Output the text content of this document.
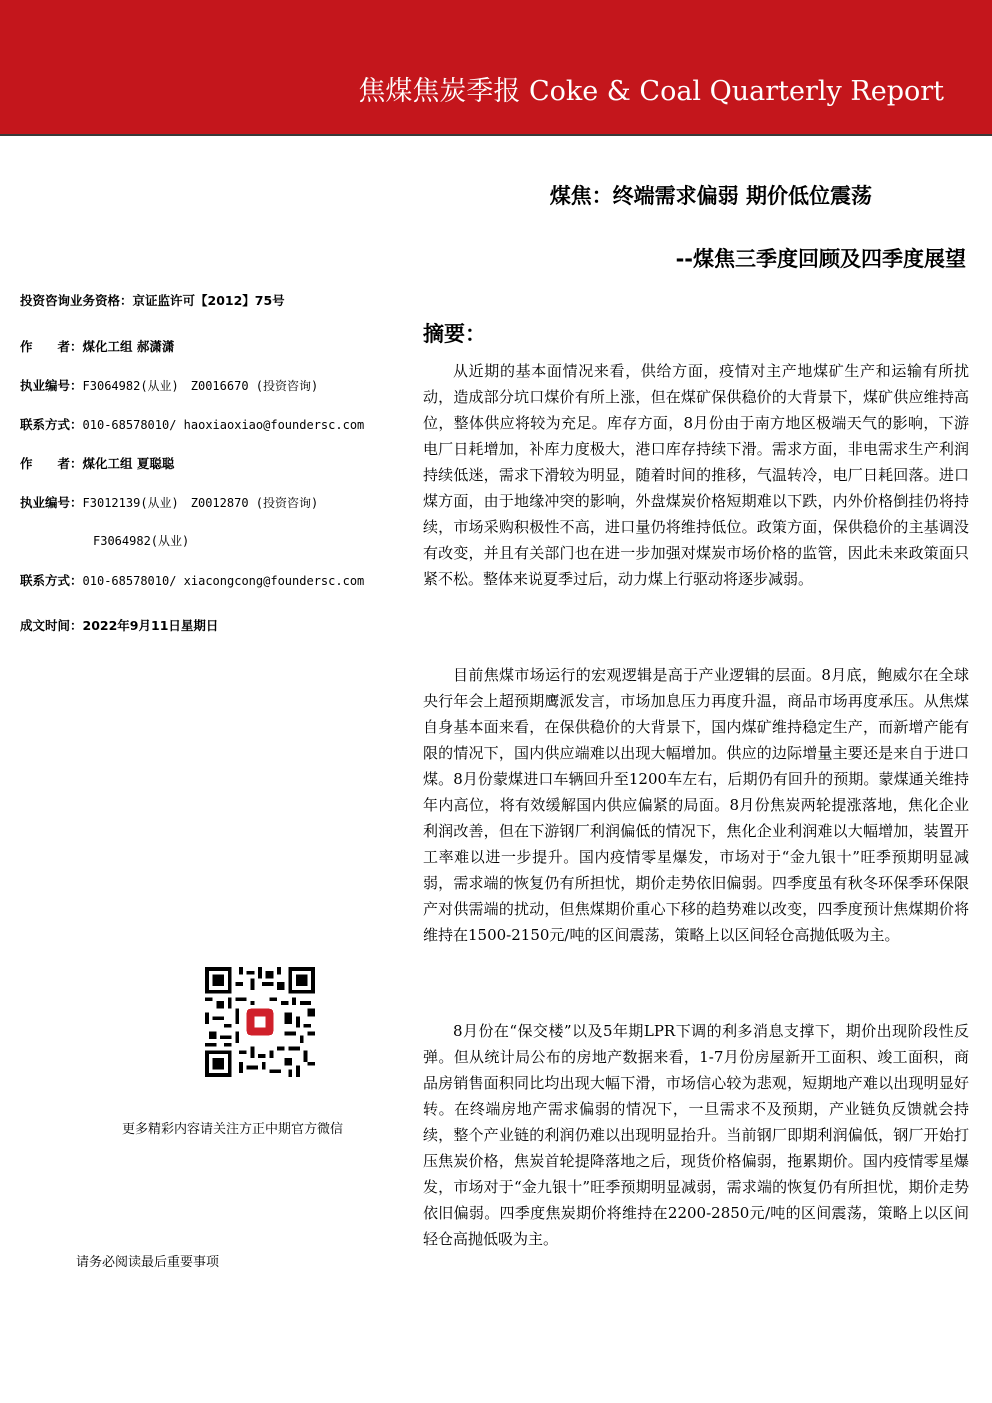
焦煤焦炭季报 Coke & Coal Quarterly Report
煤焦：终端需求偏弱 期价低位震荡
--煤焦三季度回顾及四季度展望
投资咨询业务资格：京证监许可【2012】75号
作　　者：煤化工组 郝潇潇
执业编号：F3064982(从业)　Z0016670 (投资咨询)
联系方式：010-68578010/ haoxiaoxiao@foundersc.com
作　　者：煤化工组 夏聪聪
执业编号：F3012139(从业)　Z0012870 (投资咨询)
F3064982(从业)
联系方式：010-68578010/ xiacongcong@foundersc.com
成文时间：2022年9月11日星期日
摘要：

从近期的基本面情况来看，供给方面，疫情对主产地煤矿生产和运输有所扰动，造成部分坑口煤价有所上涨，但在煤矿保供稳价的大背景下，煤矿供应维持高位，整体供应将较为充足。库存方面，8月份由于南方地区极端天气的影响，下游电厂日耗增加，补库力度极大，港口库存持续下滑。需求方面，非电需求生产利润持续低迷，需求下滑较为明显，随着时间的推移，气温转冷，电厂日耗回落。进口煤方面，由于地缘冲突的影响，外盘煤炭价格短期难以下跌，内外价格倒挂仍将持续，市场采购积极性不高，进口量仍将维持低位。政策方面，保供稳价的主基调没有改变，并且有关部门也在进一步加强对煤炭市场价格的监管，因此未来政策面只紧不松。整体来说夏季过后，动力煤上行驱动将逐步减弱。

目前焦煤市场运行的宏观逻辑是高于产业逻辑的层面。8月底，鲍威尔在全球央行年会上超预期鹰派发言，市场加息压力再度升温，商品市场再度承压。从焦煤自身基本面来看，在保供稳价的大背景下，国内煤矿维持稳定生产，而新增产能有限的情况下，国内供应端难以出现大幅增加。供应的边际增量主要还是来自于进口煤。8月份蒙煤进口车辆回升至1200车左右，后期仍有回升的预期。蒙煤通关维持年内高位，将有效缓解国内供应偏紧的局面。8月份焦炭两轮提涨落地，焦化企业利润改善，但在下游钢厂利润偏低的情况下，焦化企业利润难以大幅增加，装置开工率难以进一步提升。国内疫情零星爆发，市场对于“金九银十”旺季预期明显减弱，需求端的恢复仍有所担忧，期价走势依旧偏弱。四季度虽有秋冬环保季环保限产对供需端的扰动，但焦煤期价重心下移的趋势难以改变，四季度预计焦煤期价将维持在1500-2150元/吨的区间震荡，策略上以区间轻仓高抛低吸为主。

8月份在“保交楼”以及5年期LPR下调的利多消息支撑下，期价出现阶段性反弹。但从统计局公布的房地产数据来看，1-7月份房屋新开工面积、竣工面积，商品房销售面积同比均出现大幅下滑，市场信心较为悲观，短期地产难以出现明显好转。在终端房地产需求偏弱的情况下，一旦需求不及预期，产业链负反馈就会持续，整个产业链的利润仍难以出现明显抬升。当前钢厂即期利润偏低，钢厂开始打压焦炭价格，焦炭首轮提降落地之后，现货价格偏弱，拖累期价。国内疫情零星爆发，市场对于“金九银十”旺季预期明显减弱，需求端的恢复仍有所担忧，期价走势依旧偏弱。四季度焦炭期价将维持在2200-2850元/吨的区间震荡，策略上以区间轻仓高抛低吸为主。

更多精彩内容请关注方正中期官方微信
请务必阅读最后重要事项
